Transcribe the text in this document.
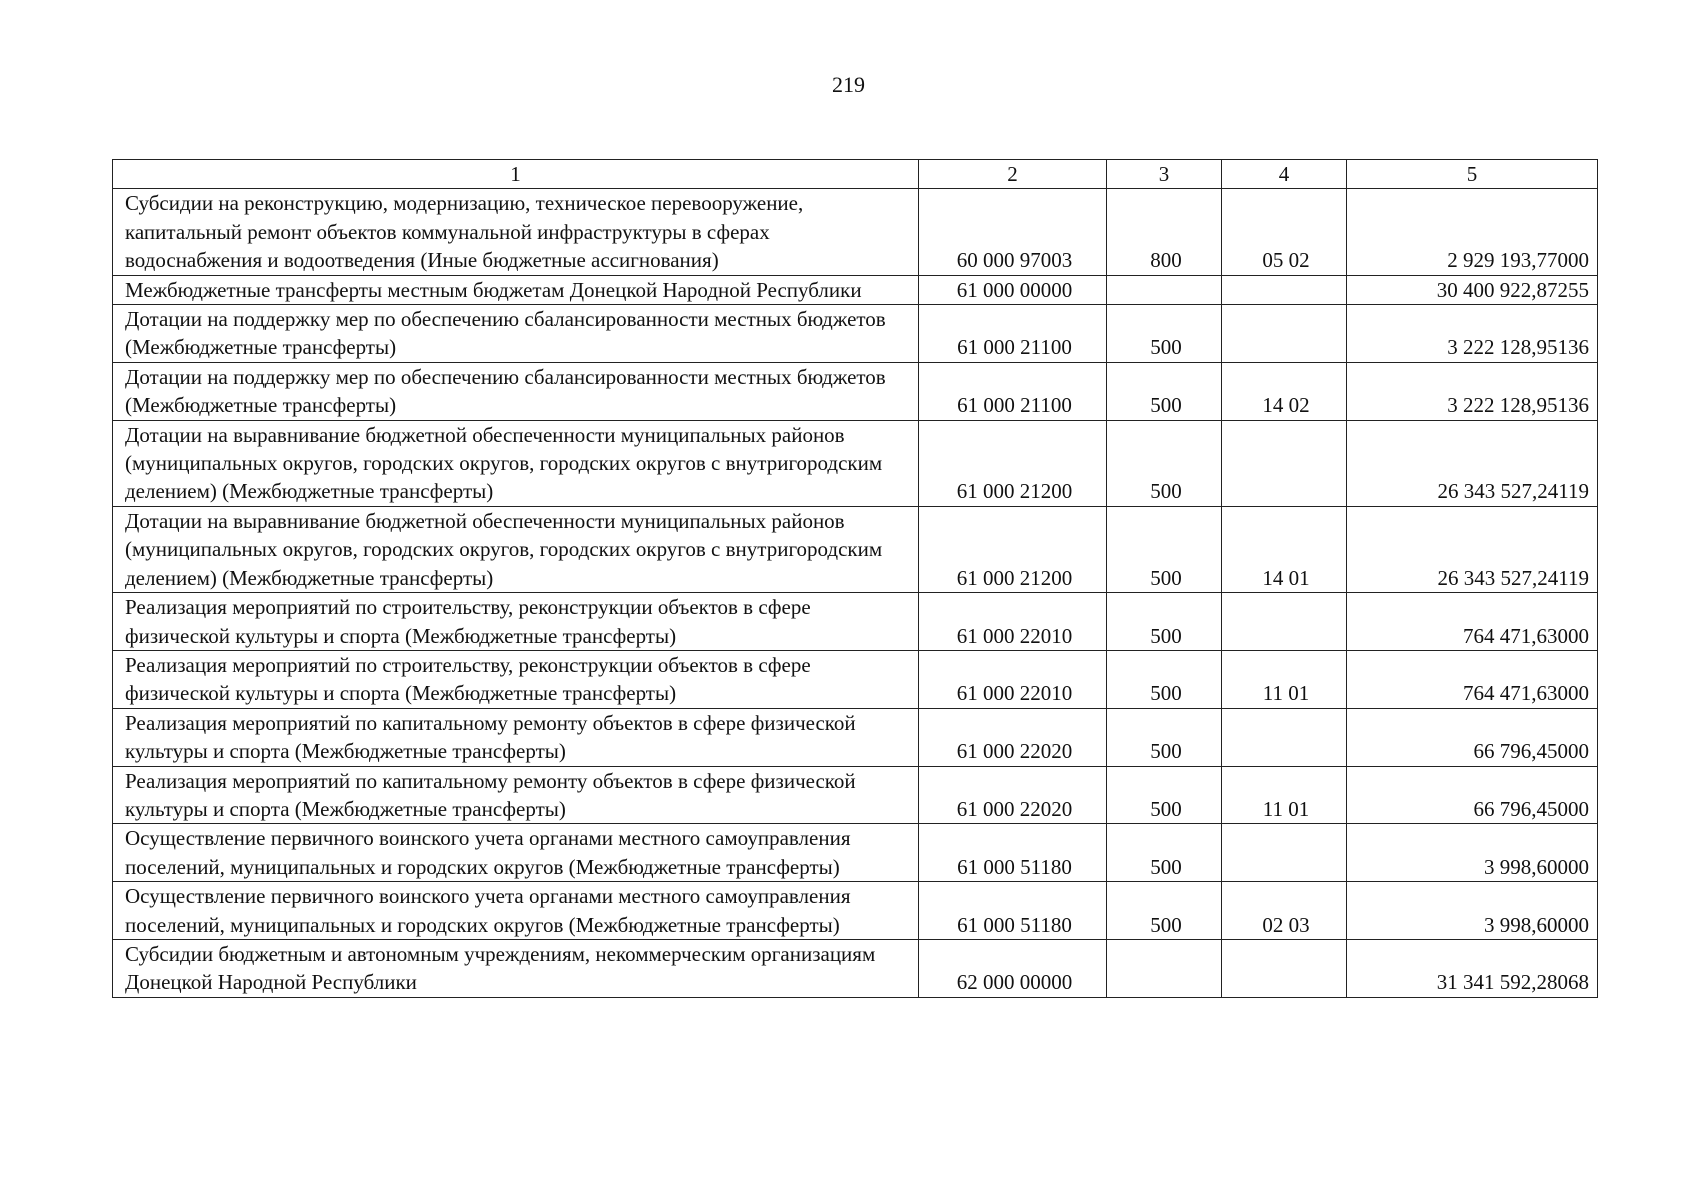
219
1	2	3	4	5
Субсидии на реконструкцию, модернизацию, техническое перевооружение, капитальный ремонт объектов коммунальной инфраструктуры в сферах водоснабжения и водоотведения (Иные бюджетные ассигнования)	60 000 97003	800	05 02	2 929 193,77000
Межбюджетные трансферты местным бюджетам Донецкой Народной Республики	61 000 00000			30 400 922,87255
Дотации на поддержку мер по обеспечению сбалансированности местных бюджетов (Межбюджетные трансферты)	61 000 21100	500		3 222 128,95136
Дотации на поддержку мер по обеспечению сбалансированности местных бюджетов (Межбюджетные трансферты)	61 000 21100	500	14 02	3 222 128,95136
Дотации на выравнивание бюджетной обеспеченности муниципальных районов (муниципальных округов, городских округов, городских округов с внутригородским делением) (Межбюджетные трансферты)	61 000 21200	500		26 343 527,24119
Дотации на выравнивание бюджетной обеспеченности муниципальных районов (муниципальных округов, городских округов, городских округов с внутригородским делением) (Межбюджетные трансферты)	61 000 21200	500	14 01	26 343 527,24119
Реализация мероприятий по строительству, реконструкции объектов в сфере физической культуры и спорта (Межбюджетные трансферты)	61 000 22010	500		764 471,63000
Реализация мероприятий по строительству, реконструкции объектов в сфере физической культуры и спорта (Межбюджетные трансферты)	61 000 22010	500	11 01	764 471,63000
Реализация мероприятий по капитальному ремонту объектов в сфере физической культуры и спорта (Межбюджетные трансферты)	61 000 22020	500		66 796,45000
Реализация мероприятий по капитальному ремонту объектов в сфере физической культуры и спорта (Межбюджетные трансферты)	61 000 22020	500	11 01	66 796,45000
Осуществление первичного воинского учета органами местного самоуправления поселений, муниципальных и городских округов (Межбюджетные трансферты)	61 000 51180	500		3 998,60000
Осуществление первичного воинского учета органами местного самоуправления поселений, муниципальных и городских округов (Межбюджетные трансферты)	61 000 51180	500	02 03	3 998,60000
Субсидии бюджетным и автономным учреждениям, некоммерческим организациям Донецкой Народной Республики	62 000 00000			31 341 592,28068
